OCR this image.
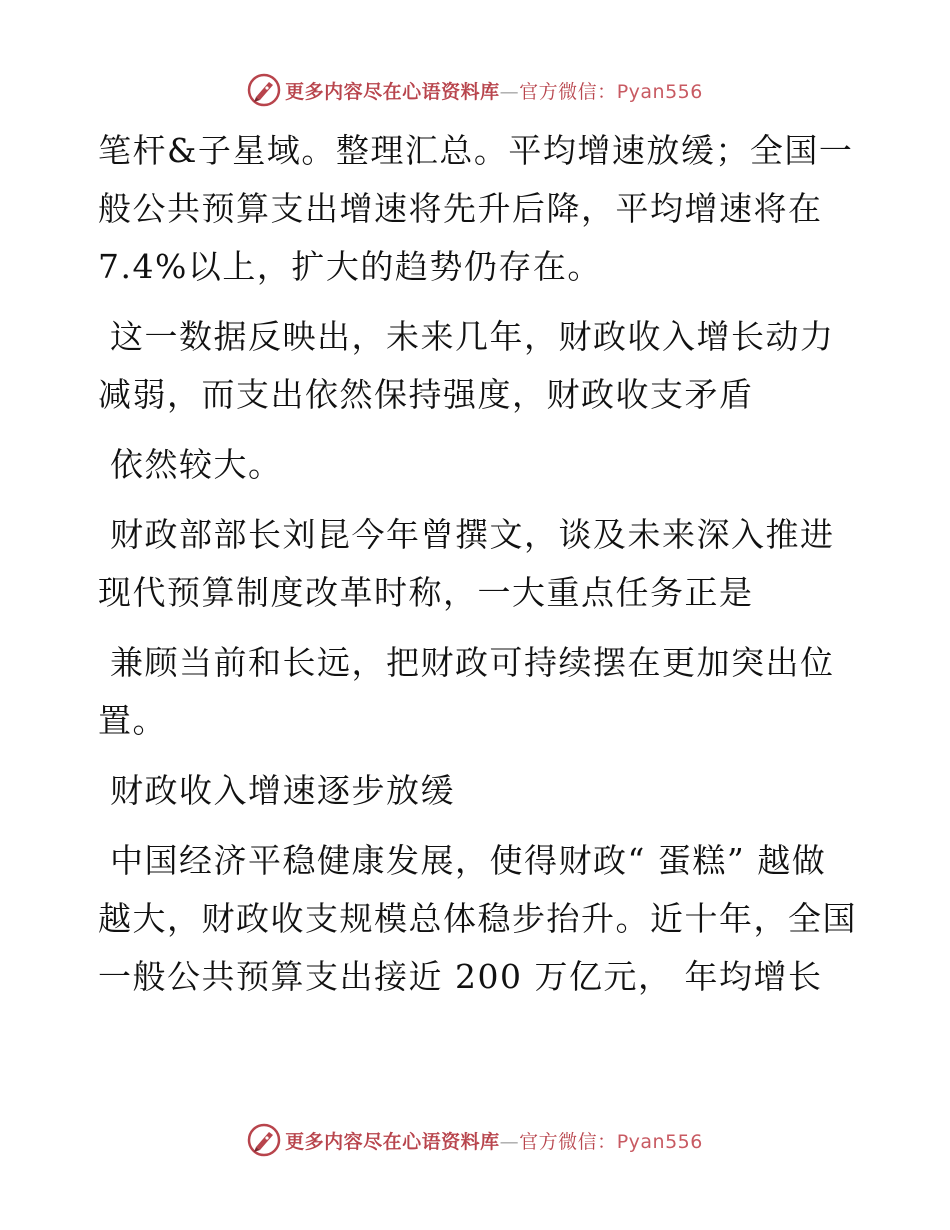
更多内容尽在心语资料库—官方微信：Pyan556

笔杆&子星域。整理汇总。平均增速放缓；全国一般公共预算支出增速将先升后降，平均增速将在7.4%以上，扩大的趋势仍存在。

这一数据反映出，未来几年，财政收入增长动力减弱，而支出依然保持强度，财政收支矛盾

依然较大。

财政部部长刘昆今年曾撰文，谈及未来深入推进现代预算制度改革时称，一大重点任务正是

兼顾当前和长远，把财政可持续摆在更加突出位置。

财政收入增速逐步放缓

中国经济平稳健康发展，使得财政“ 蛋糕” 越做越大，财政收支规模总体稳步抬升。近十年，全国一般公共预算支出接近 200 万亿元， 年均增长

更多内容尽在心语资料库—官方微信：Pyan556
